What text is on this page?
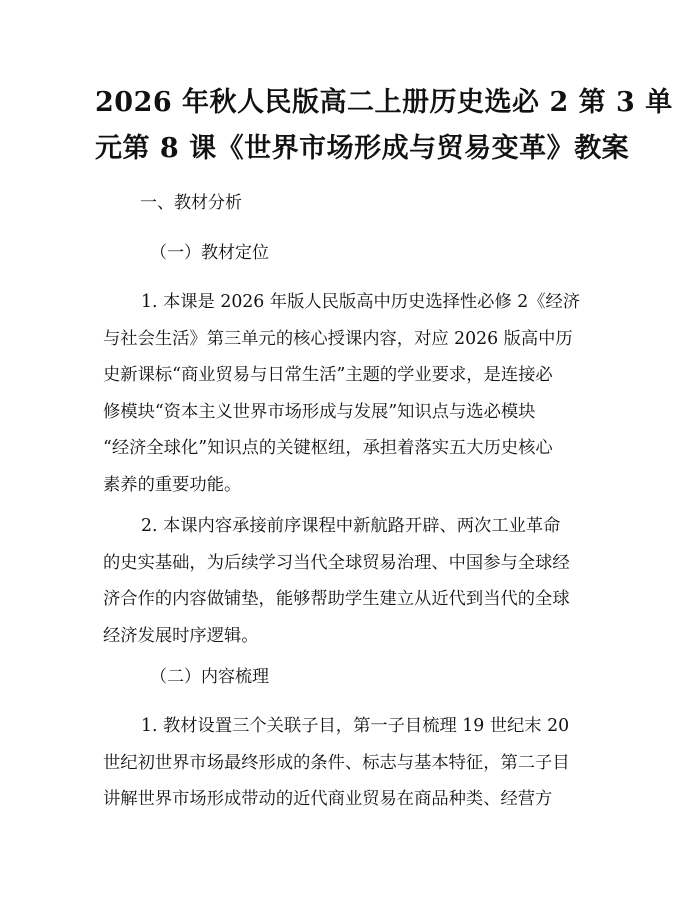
2026 年秋人民版高二上册历史选必 2 第 3 单
元第 8 课《世界市场形成与贸易变革》教案
一、教材分析
（一）教材定位
1. 本课是 2026 年版人民版高中历史选择性必修 2《经济
与社会生活》第三单元的核心授课内容，对应 2026 版高中历
史新课标“商业贸易与日常生活”主题的学业要求，是连接必
修模块“资本主义世界市场形成与发展”知识点与选必模块
“经济全球化”知识点的关键枢纽，承担着落实五大历史核心
素养的重要功能。
2. 本课内容承接前序课程中新航路开辟、两次工业革命
的史实基础，为后续学习当代全球贸易治理、中国参与全球经
济合作的内容做铺垫，能够帮助学生建立从近代到当代的全球
经济发展时序逻辑。
（二）内容梳理
1. 教材设置三个关联子目，第一子目梳理 19 世纪末 20
世纪初世界市场最终形成的条件、标志与基本特征，第二子目
讲解世界市场形成带动的近代商业贸易在商品种类、经营方
